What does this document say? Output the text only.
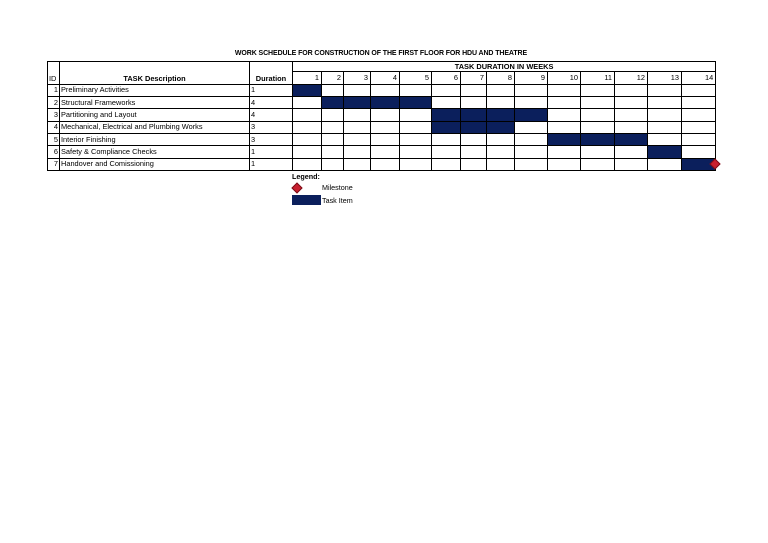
WORK SCHEDULE FOR CONSTRUCTION OF THE FIRST FLOOR FOR HDU AND THEATRE
			TASK DURATION IN WEEKS													
ID	TASK Description	Duration	1	2	3	4	5	6	7	8	9	10	11	12	13	14
1	Preliminary Activities	1														
2	Structural Frameworks	4														
3	Partitioning and Layout	4														
4	Mechanical, Electrical and Plumbing Works	3														
5	Interior Finishing	3														
6	Safety & Compliance Checks	1														
7	Handover and Comissioning	1														
Legend:
Milestone
Task Item
